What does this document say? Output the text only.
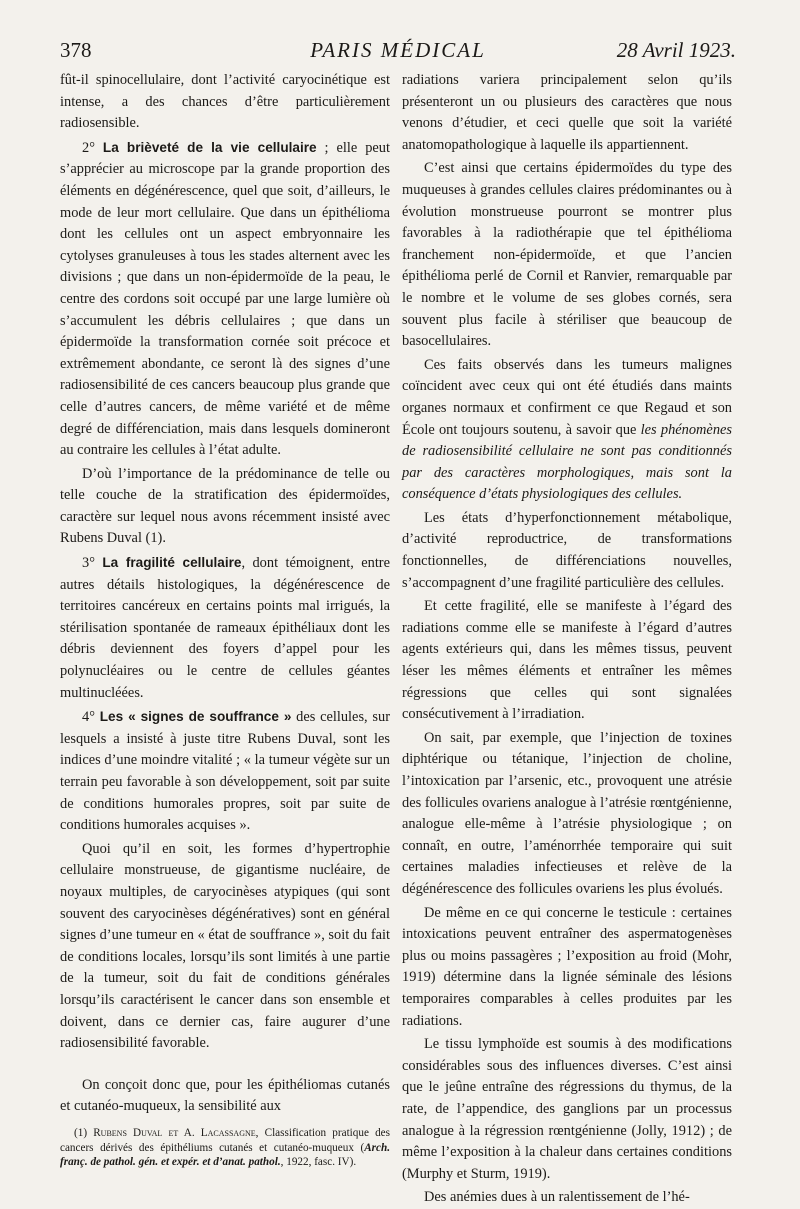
378	PARIS MÉDICAL	28 Avril 1923.

fût-il spinocellulaire, dont l’activité caryocinétique est intense, a des chances d’être particulièrement radiosensible.

2° La brièveté de la vie cellulaire ; elle peut s’apprécier au microscope par la grande proportion des éléments en dégénérescence, quel que soit, d’ailleurs, le mode de leur mort cellulaire. Que dans un épithélioma dont les cellules ont un aspect embryonnaire les cytolyses granuleuses à tous les stades alternent avec les divisions ; que dans un non-épidermoïde de la peau, le centre des cordons soit occupé par une large lumière où s’accumulent les débris cellulaires ; que dans un épidermoïde la transformation cornée soit précoce et extrêmement abondante, ce seront là des signes d’une radiosensibilité de ces cancers beaucoup plus grande que celle d’autres cancers, de même variété et de même degré de différenciation, mais dans lesquels domineront au contraire les cellules à l’état adulte.

D’où l’importance de la prédominance de telle ou telle couche de la stratification des épidermoïdes, caractère sur lequel nous avons récemment insisté avec Rubens Duval (1).

3° La fragilité cellulaire, dont témoignent, entre autres détails histologiques, la dégénérescence de territoires cancéreux en certains points mal irrigués, la stérilisation spontanée de rameaux épithéliaux dont les débris deviennent des foyers d’appel pour les polynucléaires ou le centre de cellules géantes multinucléées.

4° Les « signes de souffrance » des cellules, sur lesquels a insisté à juste titre Rubens Duval, sont les indices d’une moindre vitalité ; « la tumeur végète sur un terrain peu favorable à son développement, soit par suite de conditions humorales propres, soit par suite de conditions humorales acquises ».

Quoi qu’il en soit, les formes d’hypertrophie cellulaire monstrueuse, de gigantisme nucléaire, de noyaux multiples, de caryocinèses atypiques (qui sont souvent des caryocinèses dégénératives) sont en général signes d’une tumeur en « état de souffrance », soit du fait de conditions locales, lorsqu’ils sont limités à une partie de la tumeur, soit du fait de conditions générales lorsqu’ils caractérisent le cancer dans son ensemble et doivent, dans ce dernier cas, faire augurer d’une radiosensibilité favorable.

On conçoit donc que, pour les épithéliomas cutanés et cutanéo-muqueux, la sensibilité aux

(1) Rubens Duval et A. Lacassagne, Classification pratique des cancers dérivés des épithéliums cutanés et cutanéo-muqueux (Arch. franç. de pathol. gén. et expér. et d’anat. pathol., 1922, fasc. IV).

radiations variera principalement selon qu’ils présenteront un ou plusieurs des caractères que nous venons d’étudier, et ceci quelle que soit la variété anatomopathologique à laquelle ils appartiennent.

C’est ainsi que certains épidermoïdes du type des muqueuses à grandes cellules claires prédominantes ou à évolution monstrueuse pourront se montrer plus favorables à la radiothérapie que tel épithélioma franchement non-épidermoïde, et que l’ancien épithélioma perlé de Cornil et Ranvier, remarquable par le nombre et le volume de ses globes cornés, sera souvent plus facile à stériliser que beaucoup de basocellulaires.

Ces faits observés dans les tumeurs malignes coïncident avec ceux qui ont été étudiés dans maints organes normaux et confirment ce que Regaud et son École ont toujours soutenu, à savoir que les phénomènes de radiosensibilité cellulaire ne sont pas conditionnés par des caractères morphologiques, mais sont la conséquence d’états physiologiques des cellules.

Les états d’hyperfonctionnement métabolique, d’activité reproductrice, de transformations fonctionnelles, de différenciations nouvelles, s’accompagnent d’une fragilité particulière des cellules.

Et cette fragilité, elle se manifeste à l’égard des radiations comme elle se manifeste à l’égard d’autres agents extérieurs qui, dans les mêmes tissus, peuvent léser les mêmes éléments et entraîner les mêmes régressions que celles qui sont signalées consécutivement à l’irradiation.

On sait, par exemple, que l’injection de toxines diphtérique ou tétanique, l’injection de choline, l’intoxication par l’arsenic, etc., provoquent une atrésie des follicules ovariens analogue à l’atrésie rœntgénienne, analogue elle-même à l’atrésie physiologique ; on connaît, en outre, l’aménorrhée temporaire qui suit certaines maladies infectieuses et relève de la dégénérescence des follicules ovariens les plus évolués.

De même en ce qui concerne le testicule : certaines intoxications peuvent entraîner des aspermatogenèses plus ou moins passagères ; l’exposition au froid (Mohr, 1919) détermine dans la lignée séminale des lésions temporaires comparables à celles produites par les radiations.

Le tissu lymphoïde est soumis à des modifications considérables sous des influences diverses. C’est ainsi que le jeûne entraîne des régressions du thymus, de la rate, de l’appendice, des ganglions par un processus analogue à la régression rœntgénienne (Jolly, 1912) ; de même l’exposition à la chaleur dans certaines conditions (Murphy et Sturm, 1919).

Des anémies dues à un ralentissement de l’hé-
